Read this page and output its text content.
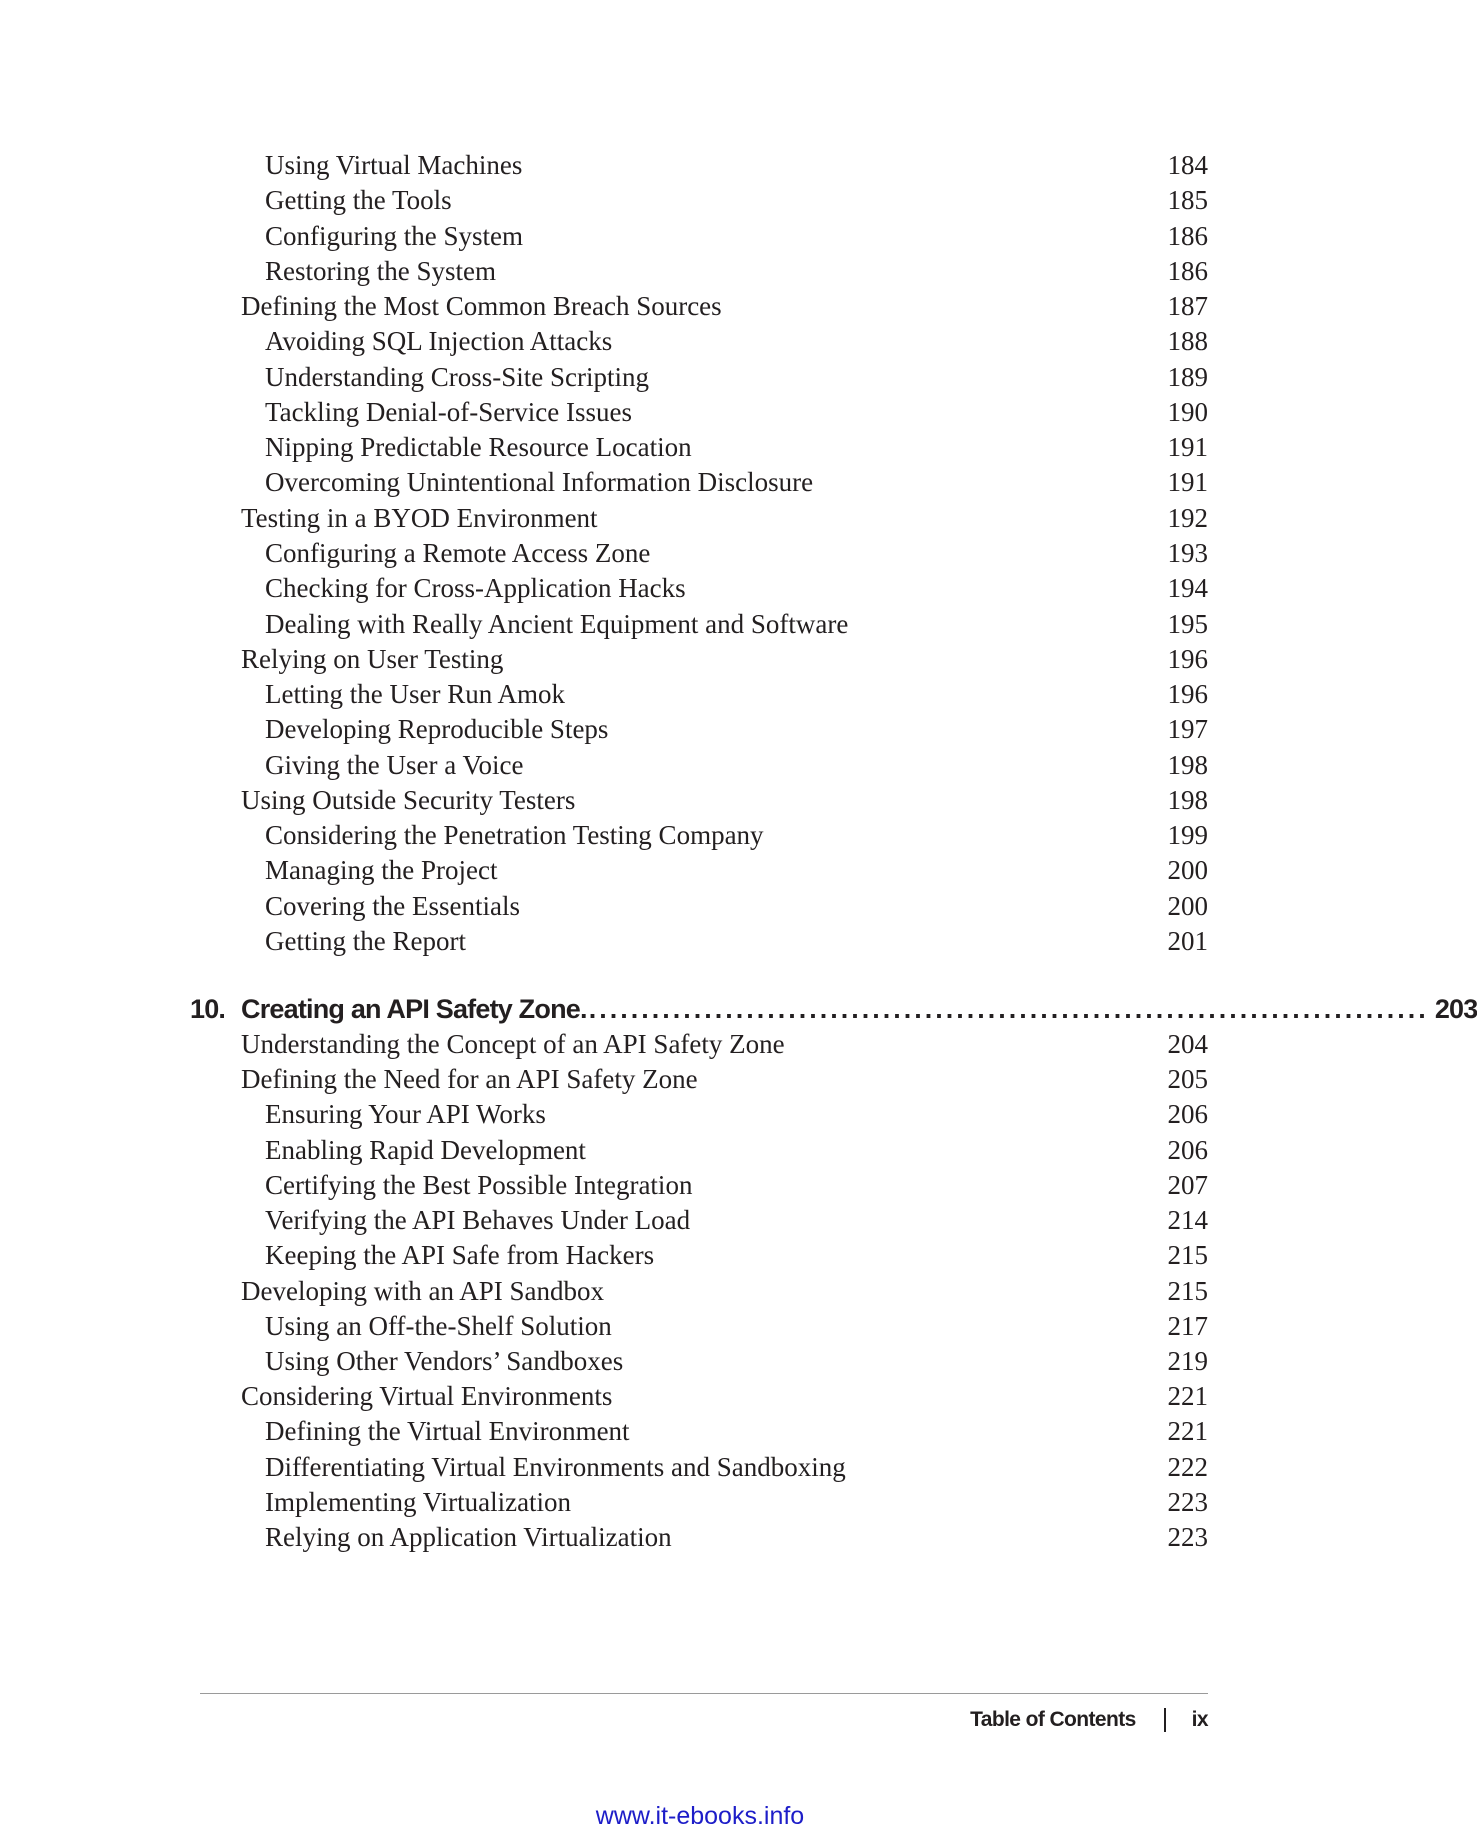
Using Virtual Machines	184
Getting the Tools	185
Configuring the System	186
Restoring the System	186
Defining the Most Common Breach Sources	187
Avoiding SQL Injection Attacks	188
Understanding Cross-Site Scripting	189
Tackling Denial-of-Service Issues	190
Nipping Predictable Resource Location	191
Overcoming Unintentional Information Disclosure	191
Testing in a BYOD Environment	192
Configuring a Remote Access Zone	193
Checking for Cross-Application Hacks	194
Dealing with Really Ancient Equipment and Software	195
Relying on User Testing	196
Letting the User Run Amok	196
Developing Reproducible Steps	197
Giving the User a Voice	198
Using Outside Security Testers	198
Considering the Penetration Testing Company	199
Managing the Project	200
Covering the Essentials	200
Getting the Report	201
10. Creating an API Safety Zone. ................................................................................ 203
Understanding the Concept of an API Safety Zone	204
Defining the Need for an API Safety Zone	205
Ensuring Your API Works	206
Enabling Rapid Development	206
Certifying the Best Possible Integration	207
Verifying the API Behaves Under Load	214
Keeping the API Safe from Hackers	215
Developing with an API Sandbox	215
Using an Off-the-Shelf Solution	217
Using Other Vendors’ Sandboxes	219
Considering Virtual Environments	221
Defining the Virtual Environment	221
Differentiating Virtual Environments and Sandboxing	222
Implementing Virtualization	223
Relying on Application Virtualization	223
Table of Contents	ix
www.it-ebooks.info
